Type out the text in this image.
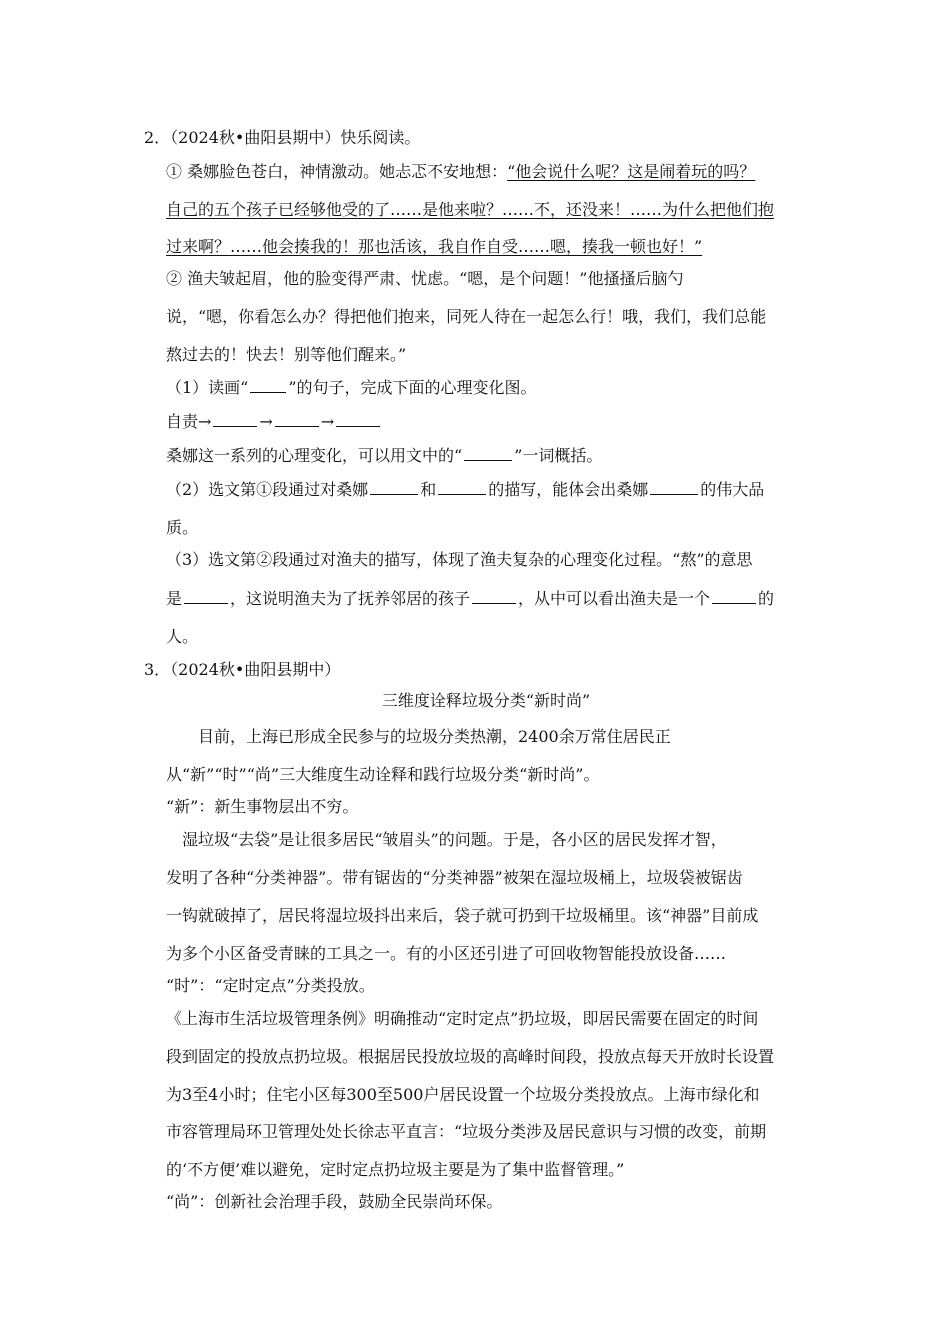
2．（2024秋•曲阳县期中）快乐阅读。
① 桑娜脸色苍白，神情激动。她忐忑不安地想：“他会说什么呢？这是闹着玩的吗？
自己的五个孩子已经够他受的了……是他来啦？……不，还没来！……为什么把他们抱
过来啊？……他会揍我的！那也活该，我自作自受……嗯，揍我一顿也好！”
② 渔夫皱起眉，他的脸变得严肃、忧虑。“嗯，是个问题！”他搔搔后脑勺
说，“嗯，你看怎么办？得把他们抱来，同死人待在一起怎么行！哦，我们，我们总能
熬过去的！快去！别等他们醒来。”
（1）读画“	”的句子，完成下面的心理变化图。
自责→	→	→
桑娜这一系列的心理变化，可以用文中的“	”一词概括。
（2）选文第①段通过对桑娜	和	的描写，能体会出桑娜	的伟大品
质。
（3）选文第②段通过对渔夫的描写，体现了渔夫复杂的心理变化过程。“熬”的意思
是	，这说明渔夫为了抚养邻居的孩子	，从中可以看出渔夫是一个	的
人。
3．（2024秋•曲阳县期中）
三维度诠释垃圾分类“新时尚”
目前，上海已形成全民参与的垃圾分类热潮，2400余万常住居民正
从“新”“时”“尚”三大维度生动诠释和践行垃圾分类“新时尚”。
“新”：新生事物层出不穷。
湿垃圾“去袋”是让很多居民“皱眉头”的问题。于是，各小区的居民发挥才智，
发明了各种“分类神器”。带有锯齿的“分类神器”被架在湿垃圾桶上，垃圾袋被锯齿
一钩就破掉了，居民将湿垃圾抖出来后，袋子就可扔到干垃圾桶里。该“神器”目前成
为多个小区备受青睐的工具之一。有的小区还引进了可回收物智能投放设备……
“时”：“定时定点”分类投放。
《上海市生活垃圾管理条例》明确推动“定时定点”扔垃圾，即居民需要在固定的时间
段到固定的投放点扔垃圾。根据居民投放垃圾的高峰时间段，投放点每天开放时长设置
为3至4小时；住宅小区每300至500户居民设置一个垃圾分类投放点。上海市绿化和
市容管理局环卫管理处处长徐志平直言：“垃圾分类涉及居民意识与习惯的改变，前期
的‘不方便’难以避免，定时定点扔垃圾主要是为了集中监督管理。”
“尚”：创新社会治理手段，鼓励全民崇尚环保。
